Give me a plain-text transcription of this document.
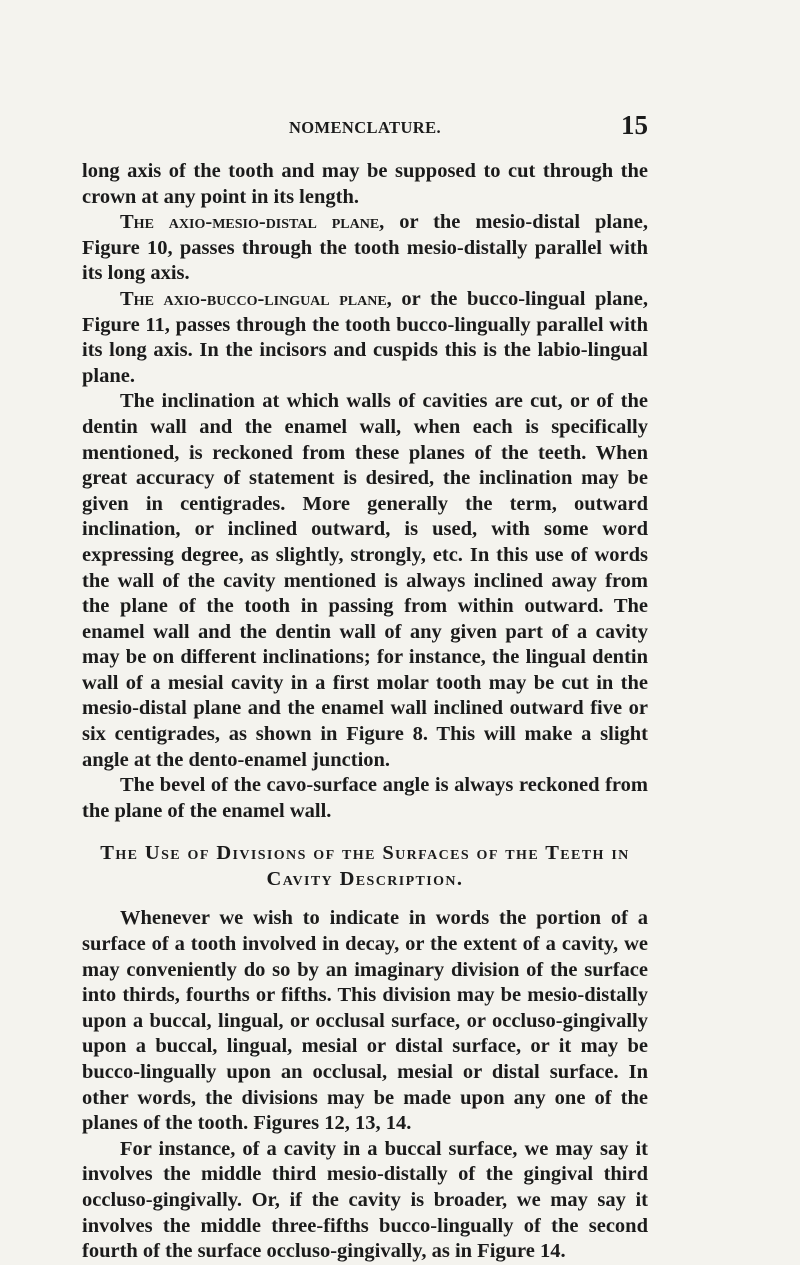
NOMENCLATURE.	15

long axis of the tooth and may be supposed to cut through the crown at any point in its length.

The axio-mesio-distal plane, or the mesio-distal plane, Figure 10, passes through the tooth mesio-distally parallel with its long axis.

The axio-bucco-lingual plane, or the bucco-lingual plane, Figure 11, passes through the tooth bucco-lingually parallel with its long axis. In the incisors and cuspids this is the labio-lingual plane.

The inclination at which walls of cavities are cut, or of the dentin wall and the enamel wall, when each is specifically mentioned, is reckoned from these planes of the teeth. When great accuracy of statement is desired, the inclination may be given in centigrades. More generally the term, outward inclination, or inclined outward, is used, with some word expressing degree, as slightly, strongly, etc. In this use of words the wall of the cavity mentioned is always inclined away from the plane of the tooth in passing from within outward. The enamel wall and the dentin wall of any given part of a cavity may be on different inclinations; for instance, the lingual dentin wall of a mesial cavity in a first molar tooth may be cut in the mesio-distal plane and the enamel wall inclined outward five or six centigrades, as shown in Figure 8. This will make a slight angle at the dento-enamel junction.

The bevel of the cavo-surface angle is always reckoned from the plane of the enamel wall.

The Use of Divisions of the Surfaces of the Teeth in
Cavity Description.

Whenever we wish to indicate in words the portion of a surface of a tooth involved in decay, or the extent of a cavity, we may conveniently do so by an imaginary division of the surface into thirds, fourths or fifths. This division may be mesio-distally upon a buccal, lingual, or occlusal surface, or occluso-gingivally upon a buccal, lingual, mesial or distal surface, or it may be bucco-lingually upon an occlusal, mesial or distal surface. In other words, the divisions may be made upon any one of the planes of the tooth. Figures 12, 13, 14.

For instance, of a cavity in a buccal surface, we may say it involves the middle third mesio-distally of the gingival third occluso-gingivally. Or, if the cavity is broader, we may say it involves the middle three-fifths bucco-lingually of the second fourth of the surface occluso-gingivally, as in Figure 14.
